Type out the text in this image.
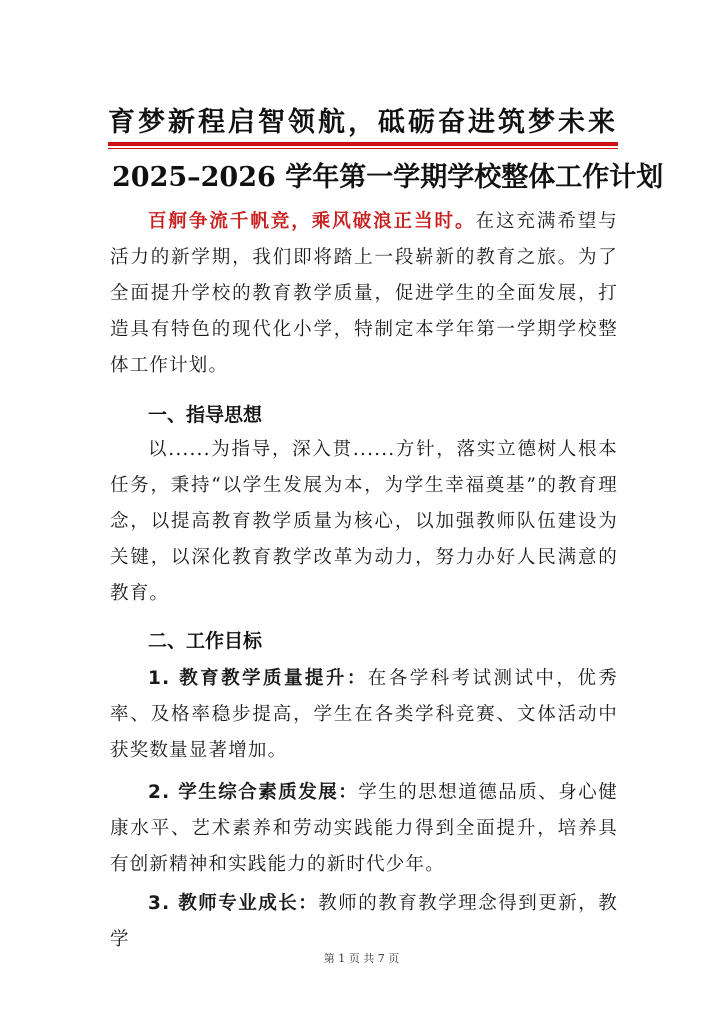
育梦新程启智领航，砥砺奋进筑梦未来
2025–2026 学年第一学期学校整体工作计划

百舸争流千帆竞，乘风破浪正当时。在这充满希望与活力的新学期，我们即将踏上一段崭新的教育之旅。为了全面提升学校的教育教学质量，促进学生的全面发展，打造具有特色的现代化小学，特制定本学年第一学期学校整体工作计划。

一、指导思想

以......为指导，深入贯......方针，落实立德树人根本任务，秉持“以学生发展为本，为学生幸福奠基”的教育理念，以提高教育教学质量为核心，以加强教师队伍建设为关键，以深化教育教学改革为动力，努力办好人民满意的教育。

二、工作目标

1. 教育教学质量提升：在各学科考试测试中，优秀率、及格率稳步提高，学生在各类学科竞赛、文体活动中获奖数量显著增加。

2. 学生综合素质发展：学生的思想道德品质、身心健康水平、艺术素养和劳动实践能力得到全面提升，培养具有创新精神和实践能力的新时代少年。

3. 教师专业成长：教师的教育教学理念得到更新，教学

第 1 页 共 7 页
